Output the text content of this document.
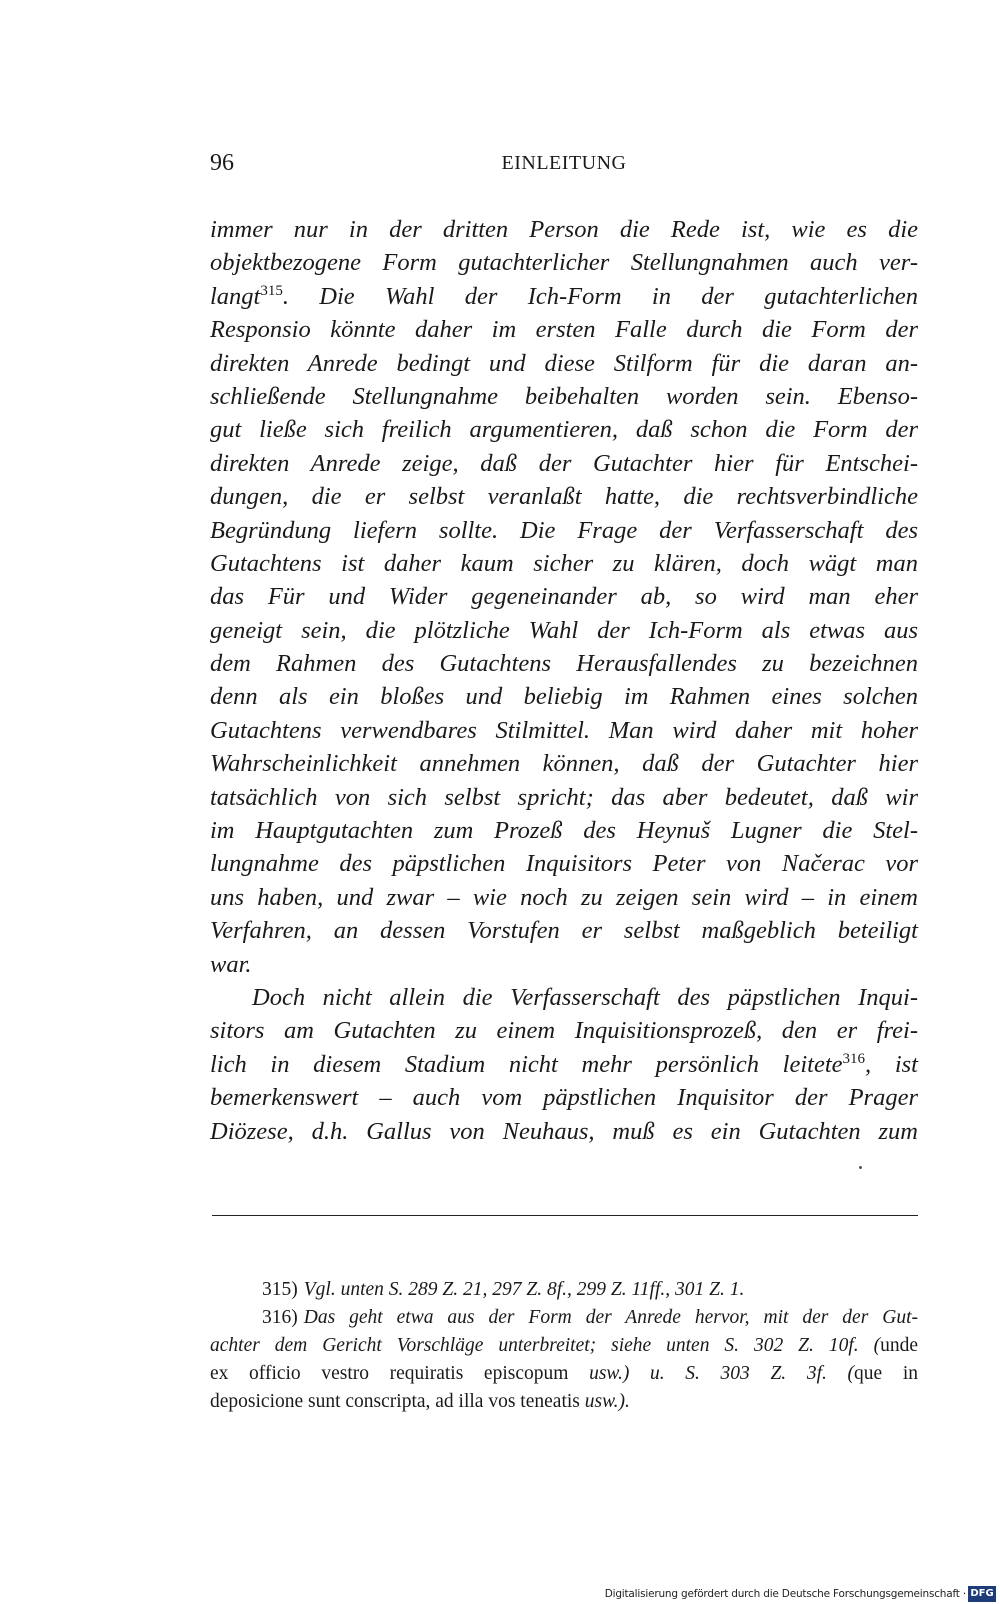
96	EINLEITUNG
immer nur in der dritten Person die Rede ist, wie es die
objektbezogene Form gutachterlicher Stellungnahmen auch ver-
langt$^{315}$. Die Wahl der Ich-Form in der gutachterlichen
Responsio könnte daher im ersten Falle durch die Form der
direkten Anrede bedingt und diese Stilform für die daran an-
schließende Stellungnahme beibehalten worden sein. Ebenso-
gut ließe sich freilich argumentieren, daß schon die Form der
direkten Anrede zeige, daß der Gutachter hier für Entschei-
dungen, die er selbst veranlaßt hatte, die rechtsverbindliche
Begründung liefern sollte. Die Frage der Verfasserschaft des
Gutachtens ist daher kaum sicher zu klären, doch wägt man
das Für und Wider gegeneinander ab, so wird man eher
geneigt sein, die plötzliche Wahl der Ich-Form als etwas aus
dem Rahmen des Gutachtens Herausfallendes zu bezeichnen
denn als ein bloßes und beliebig im Rahmen eines solchen
Gutachtens verwendbares Stilmittel. Man wird daher mit hoher
Wahrscheinlichkeit annehmen können, daß der Gutachter hier
tatsächlich von sich selbst spricht; das aber bedeutet, daß wir
im Hauptgutachten zum Prozeß des Heynuš Lugner die Stel-
lungnahme des päpstlichen Inquisitors Peter von Načerac vor
uns haben, und zwar – wie noch zu zeigen sein wird – in einem
Verfahren, an dessen Vorstufen er selbst maßgeblich beteiligt
war.
Doch nicht allein die Verfasserschaft des päpstlichen Inqui-
sitors am Gutachten zu einem Inquisitionsprozeß, den er frei-
lich in diesem Stadium nicht mehr persönlich leitete$^{316}$, ist
bemerkenswert – auch vom päpstlichen Inquisitor der Prager
Diözese, d.h. Gallus von Neuhaus, muß es ein Gutachten zum
315) Vgl. unten S. 289 Z. 21, 297 Z. 8f., 299 Z. 11ff., 301 Z. 1.
316) Das geht etwa aus der Form der Anrede hervor, mit der der Gut-
achter dem Gericht Vorschläge unterbreitet; siehe unten S. 302 Z. 10f. (unde
ex officio vestro requiratis episcopum usw.) u. S. 303 Z. 3f. (que in
deposicione sunt conscripta, ad illa vos teneatis usw.).
Digitalisierung gefördert durch die Deutsche Forschungsgemeinschaft · DFG
